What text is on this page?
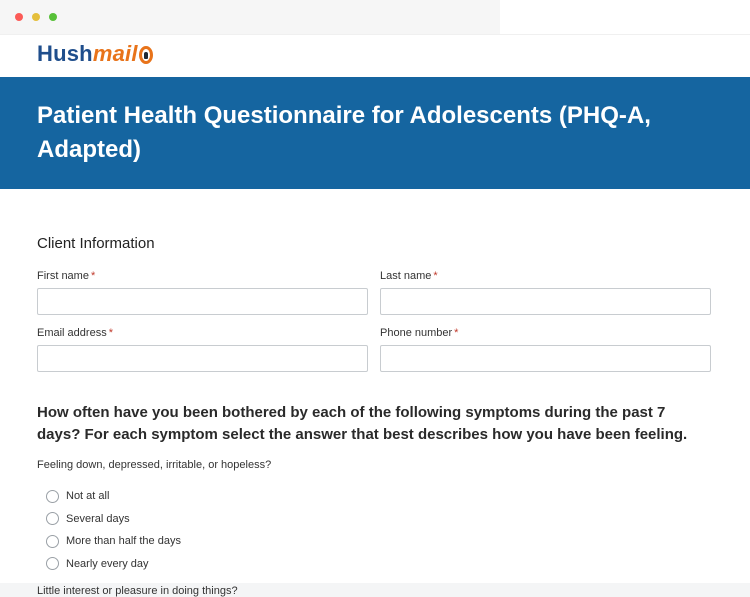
Hush mail
Patient Health Questionnaire for Adolescents (PHQ-A, Adapted)
Client Information
First name *	Last name *
Email address *	Phone number *
How often have you been bothered by each of the following symptoms during the past 7 days? For each symptom select the answer that best describes how you have been feeling.
Feeling down, depressed, irritable, or hopeless?
Not at all
Several days
More than half the days
Nearly every day
Little interest or pleasure in doing things?
